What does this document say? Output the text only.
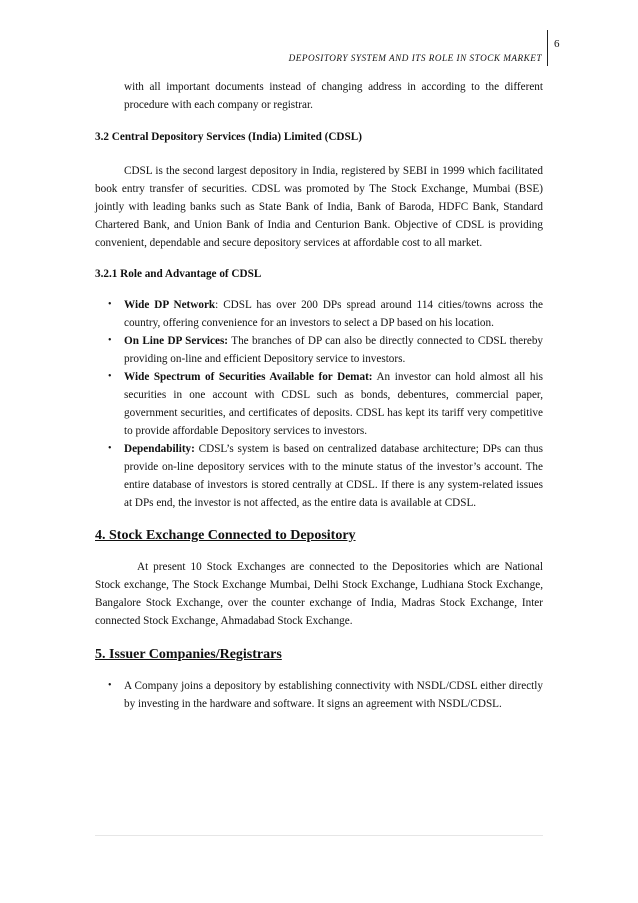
6
DEPOSITORY SYSTEM AND ITS ROLE IN STOCK MARKET

with all important documents instead of changing address in according to the different procedure with each company or registrar.

3.2 Central Depository Services (India) Limited (CDSL)

CDSL is the second largest depository in India, registered by SEBI in 1999 which facilitated book entry transfer of securities. CDSL was promoted by The Stock Exchange, Mumbai (BSE) jointly with leading banks such as State Bank of India, Bank of Baroda, HDFC Bank, Standard Chartered Bank, and Union Bank of India and Centurion Bank. Objective of CDSL is providing convenient, dependable and secure depository services at affordable cost to all market.

3.2.1 Role and Advantage of CDSL

• Wide DP Network: CDSL has over 200 DPs spread around 114 cities/towns across the country, offering convenience for an investors to select a DP based on his location.
• On Line DP Services: The branches of DP can also be directly connected to CDSL thereby providing on-line and efficient Depository service to investors.
• Wide Spectrum of Securities Available for Demat: An investor can hold almost all his securities in one account with CDSL such as bonds, debentures, commercial paper, government securities, and certificates of deposits. CDSL has kept its tariff very competitive to provide affordable Depository services to investors.
• Dependability: CDSL’s system is based on centralized database architecture; DPs can thus provide on-line depository services with to the minute status of the investor’s account. The entire database of investors is stored centrally at CDSL. If there is any system-related issues at DPs end, the investor is not affected, as the entire data is available at CDSL.

4. Stock Exchange Connected to Depository

At present 10 Stock Exchanges are connected to the Depositories which are National Stock exchange, The Stock Exchange Mumbai, Delhi Stock Exchange, Ludhiana Stock Exchange, Bangalore Stock Exchange, over the counter exchange of India, Madras Stock Exchange, Inter connected Stock Exchange, Ahmadabad Stock Exchange.

5. Issuer Companies/Registrars

• A Company joins a depository by establishing connectivity with NSDL/CDSL either directly by investing in the hardware and software. It signs an agreement with NSDL/CDSL.
